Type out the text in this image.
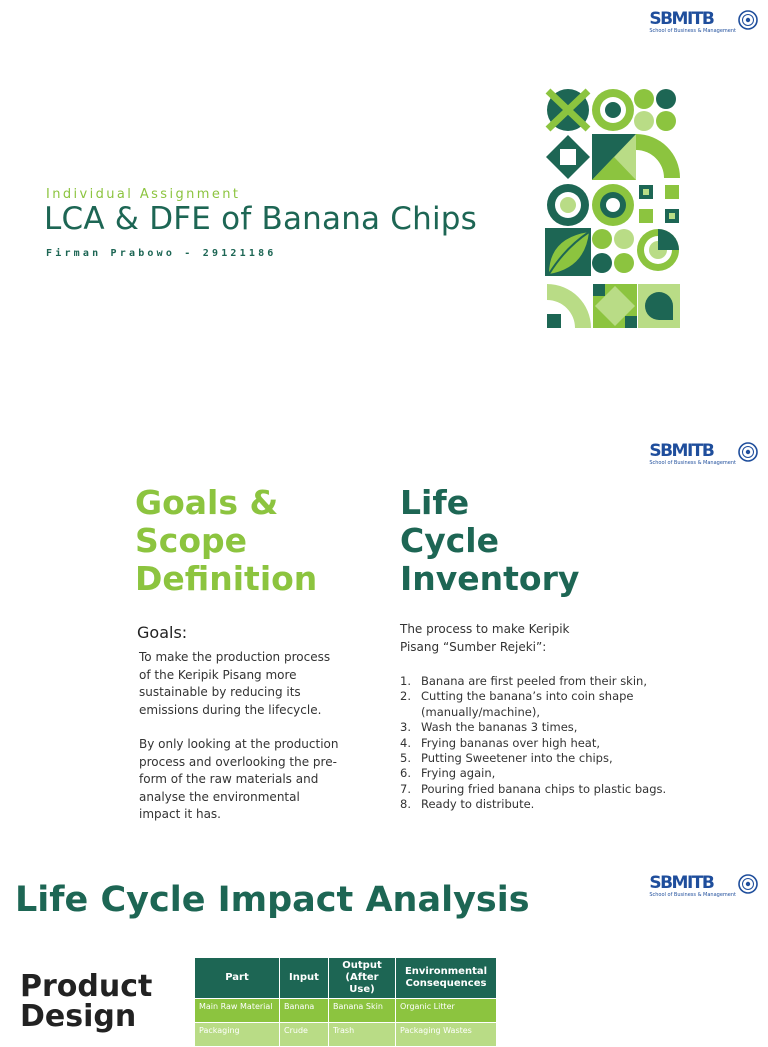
SBMITB
School of Business & Management
Individual Assignment
LCA & DFE of Banana Chips
Firman Prabowo - 29121186
SBMITB
School of Business & Management
Goals &
Scope
Definition
Goals:

To make the production process of the Keripik Pisang more sustainable by reducing its emissions during the lifecycle.

By only looking at the production process and overlooking the pre-form of the raw materials and analyse the environmental impact it has.

Life
Cycle
Inventory
The process to make Keripik Pisang “Sumber Rejeki”:
1. Banana are first peeled from their skin,
2. Cutting the banana’s into coin shape (manually/machine),
3. Wash the bananas 3 times,
4. Frying bananas over high heat,
5. Putting Sweetener into the chips,
6. Frying again,
7. Pouring fried banana chips to plastic bags.
8. Ready to distribute.
SBMITB
School of Business & Management
Life Cycle Impact Analysis
Product
Design
Part	Input	Output (After Use)	Environmental Consequences
Main Raw Material	Banana	Banana Skin	Organic Litter
Packaging	Crude	Trash	Packaging Wastes
